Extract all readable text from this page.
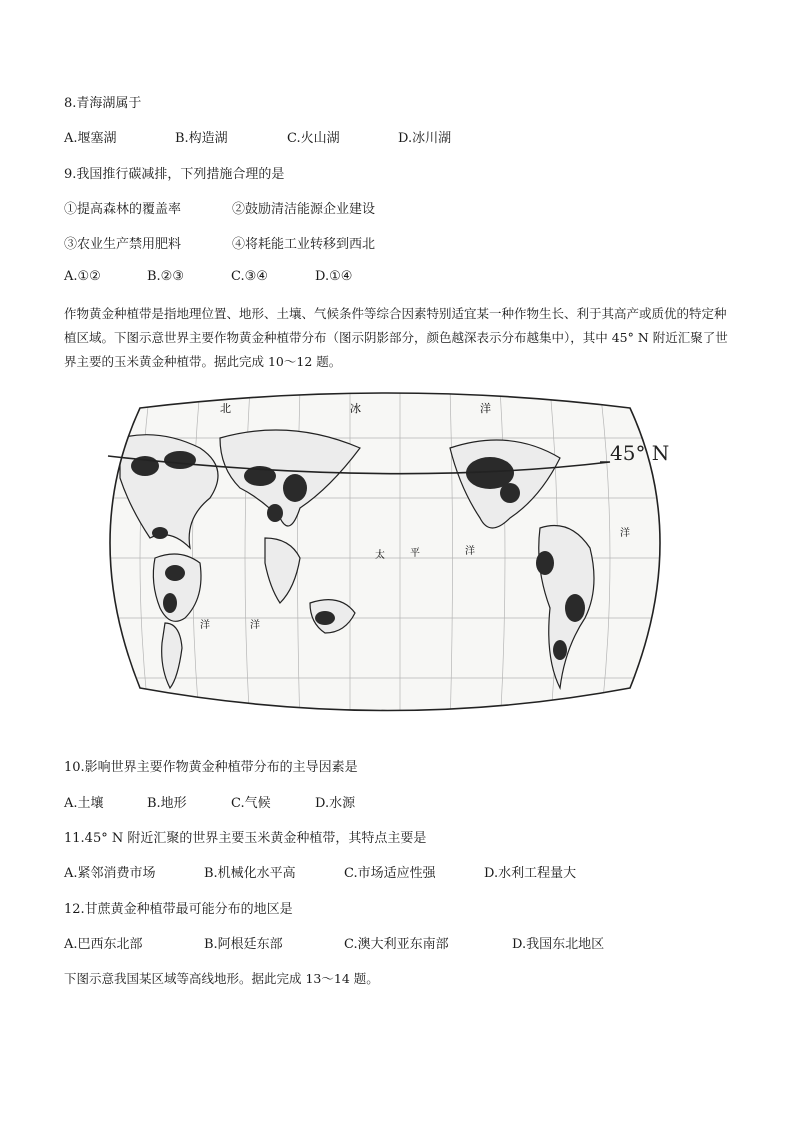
8.青海湖属于
A.堰塞湖	B.构造湖	C.火山湖	D.冰川湖
9.我国推行碳减排，下列措施合理的是
①提高森林的覆盖率	②鼓励清洁能源企业建设
③农业生产禁用肥料	④将耗能工业转移到西北
A.①②	B.②③	C.③④	D.①④
作物黄金种植带是指地理位置、地形、土壤、气候条件等综合因素特别适宜某一种作物生长、利于其高产或质优的特定种植区域。下图示意世界主要作物黄金种植带分布（图示阴影部分，颜色越深表示分布越集中），其中 45° N 附近汇聚了世界主要的玉米黄金种植带。据此完成 10～12 题。
北	冰	洋
太	平	洋
洋	洋
洋
45° N
10.影响世界主要作物黄金种植带分布的主导因素是
A.土壤	B.地形	C.气候	D.水源
11.45° N 附近汇聚的世界主要玉米黄金种植带，其特点主要是
A.紧邻消费市场	B.机械化水平高	C.市场适应性强	D.水利工程量大
12.甘蔗黄金种植带最可能分布的地区是
A.巴西东北部	B.阿根廷东部	C.澳大利亚东南部	D.我国东北地区
下图示意我国某区域等高线地形。据此完成 13～14 题。
